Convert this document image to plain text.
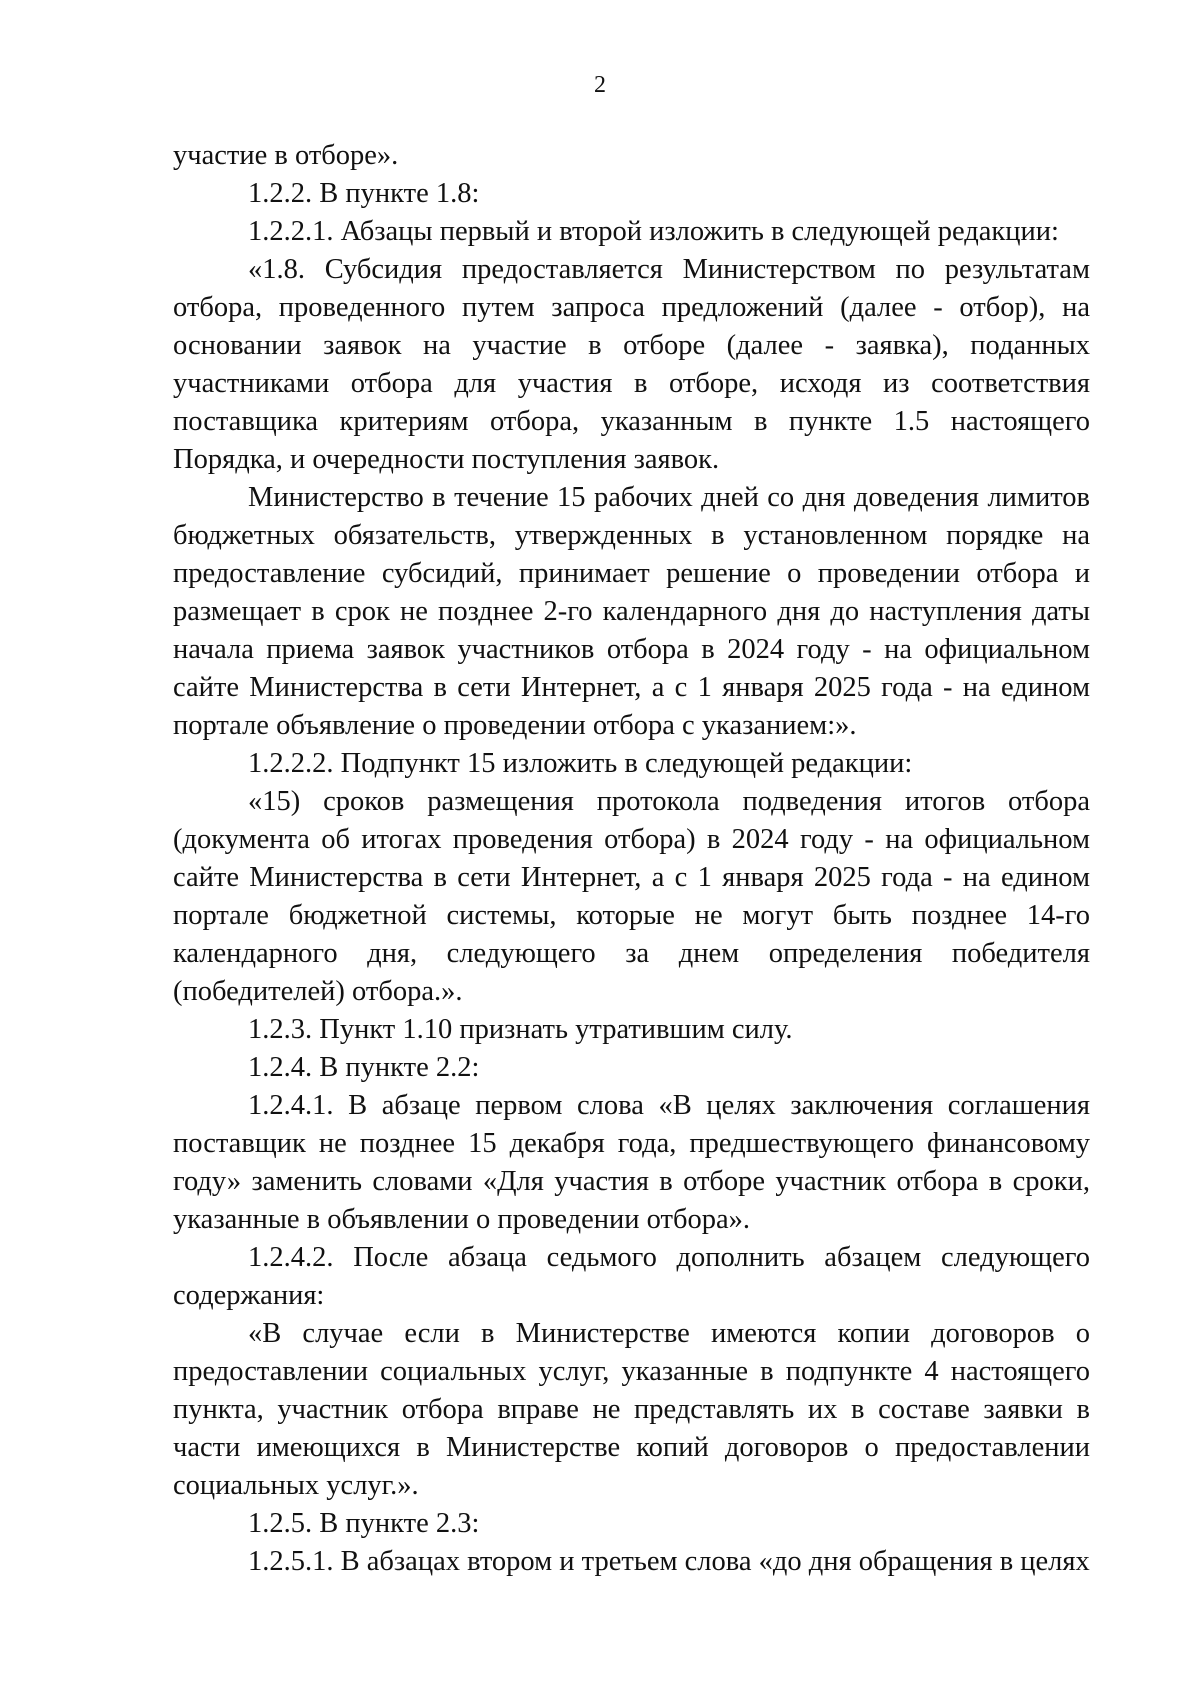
2

участие в отборе».

1.2.2. В пункте 1.8:

1.2.2.1. Абзацы первый и второй изложить в следующей редакции:

«1.8. Субсидия предоставляется Министерством по результатам отбора, проведенного путем запроса предложений (далее - отбор), на основании заявок на участие в отборе (далее - заявка), поданных участниками отбора для участия в отборе, исходя из соответствия поставщика критериям отбора, указанным в пункте 1.5 настоящего Порядка, и очередности поступления заявок.

Министерство в течение 15 рабочих дней со дня доведения лимитов бюджетных обязательств, утвержденных в установленном порядке на предоставление субсидий, принимает решение о проведении отбора и размещает в срок не позднее 2-го календарного дня до наступления даты начала приема заявок участников отбора в 2024 году - на официальном сайте Министерства в сети Интернет, а с 1 января 2025 года - на едином портале объявление о проведении отбора с указанием:».

1.2.2.2. Подпункт 15 изложить в следующей редакции:

«15) сроков размещения протокола подведения итогов отбора (документа об итогах проведения отбора) в 2024 году - на официальном сайте Министерства в сети Интернет, а с 1 января 2025 года - на едином портале бюджетной системы, которые не могут быть позднее 14-го календарного дня, следующего за днем определения победителя (победителей) отбора.».

1.2.3. Пункт 1.10 признать утратившим силу.

1.2.4. В пункте 2.2:

1.2.4.1. В абзаце первом слова «В целях заключения соглашения поставщик не позднее 15 декабря года, предшествующего финансовому году» заменить словами «Для участия в отборе участник отбора в сроки, указанные в объявлении о проведении отбора».

1.2.4.2. После абзаца седьмого дополнить абзацем следующего содержания:

«В случае если в Министерстве имеются копии договоров о предоставлении социальных услуг, указанные в подпункте 4 настоящего пункта, участник отбора вправе не представлять их в составе заявки в части имеющихся в Министерстве копий договоров о предоставлении социальных услуг.».

1.2.5. В пункте 2.3:

1.2.5.1. В абзацах втором и третьем слова «до дня обращения в целях
